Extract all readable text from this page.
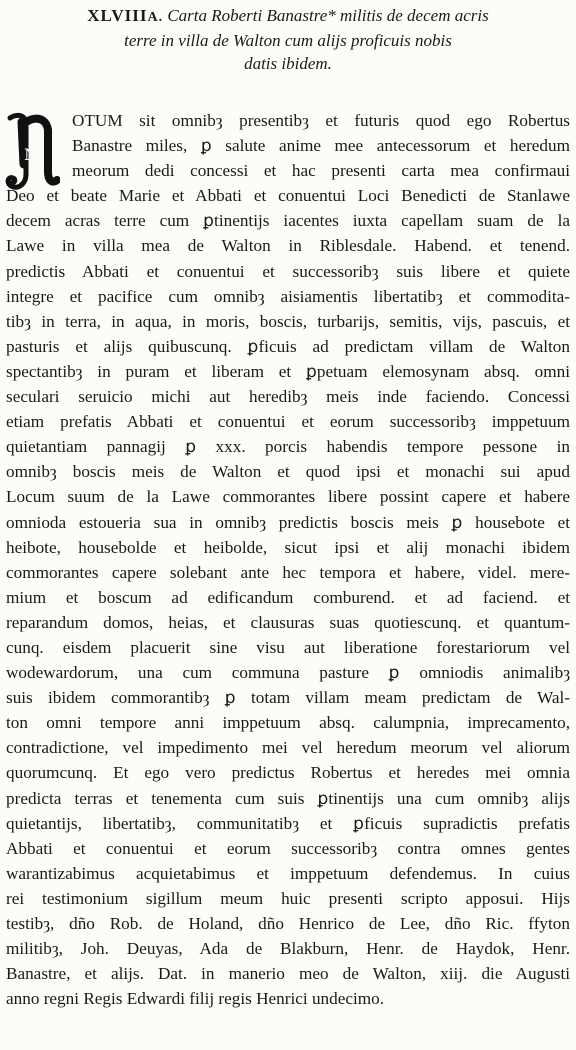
XLVIIIA. Carta Roberti Banastre* militis de decem acris
terre in villa de Walton cum alijs proficuis nobis
datis ibidem.
N
OTUM sit omnibȝ presentibȝ et futuris quod ego Robertus
Banastre miles, ꝑ salute anime mee antecessorum et heredum
meorum dedi concessi et hac presenti carta mea confirmaui
Deo et beate Marie et Abbati et conuentui Loci Benedicti de Stanlawe
decem acras terre cum ꝑtinentijs iacentes iuxta capellam suam de la
Lawe in villa mea de Walton in Riblesdale. Habend. et tenend.
predictis Abbati et conuentui et successoribȝ suis libere et quiete
integre et pacifice cum omnibȝ aisiamentis libertatibȝ et commodita-
tibȝ in terra, in aqua, in moris, boscis, turbarijs, semitis, vijs, pascuis, et
pasturis et alijs quibuscunq. ꝑficuis ad predictam villam de Walton
spectantibȝ in puram et liberam et ꝑpetuam elemosynam absq. omni
seculari seruicio michi aut heredibȝ meis inde faciendo. Concessi
etiam prefatis Abbati et conuentui et eorum successoribȝ imppetuum
quietantiam pannagij ꝑ xxx. porcis habendis tempore pessone in
omnibȝ boscis meis de Walton et quod ipsi et monachi sui apud
Locum suum de la Lawe commorantes libere possint capere et habere
omnioda estoueria sua in omnibȝ predictis boscis meis ꝑ housebote et
heibote, housebolde et heibolde, sicut ipsi et alij monachi ibidem
commorantes capere solebant ante hec tempora et habere, videl. mere-
mium et boscum ad edificandum comburend. et ad faciend. et
reparandum domos, heias, et clausuras suas quotiescunq. et quantum-
cunq. eisdem placuerit sine visu aut liberatione forestariorum vel
wodewardorum, una cum communa pasture ꝑ omniodis animalibȝ
suis ibidem commorantibȝ ꝑ totam villam meam predictam de Wal-
ton omni tempore anni imppetuum absq. calumpnia, imprecamento,
contradictione, vel impedimento mei vel heredum meorum vel aliorum
quorumcunq. Et ego vero predictus Robertus et heredes mei omnia
predicta terras et tenementa cum suis ꝑtinentijs una cum omnibȝ alijs
quietantijs, libertatibȝ, communitatibȝ et ꝑficuis supradictis prefatis
Abbati et conuentui et eorum successoribȝ contra omnes gentes
warantizabimus acquietabimus et imppetuum defendemus. In cuius
rei testimonium sigillum meum huic presenti scripto apposui. Hijs
testibȝ, dño Rob. de Holand, dño Henrico de Lee, dño Ric. ffyton
militibȝ, Joh. Deuyas, Ada de Blakburn, Henr. de Haydok, Henr.
Banastre, et alijs. Dat. in manerio meo de Walton, xiij. die Augusti
anno regni Regis Edwardi filij regis Henrici undecimo.
